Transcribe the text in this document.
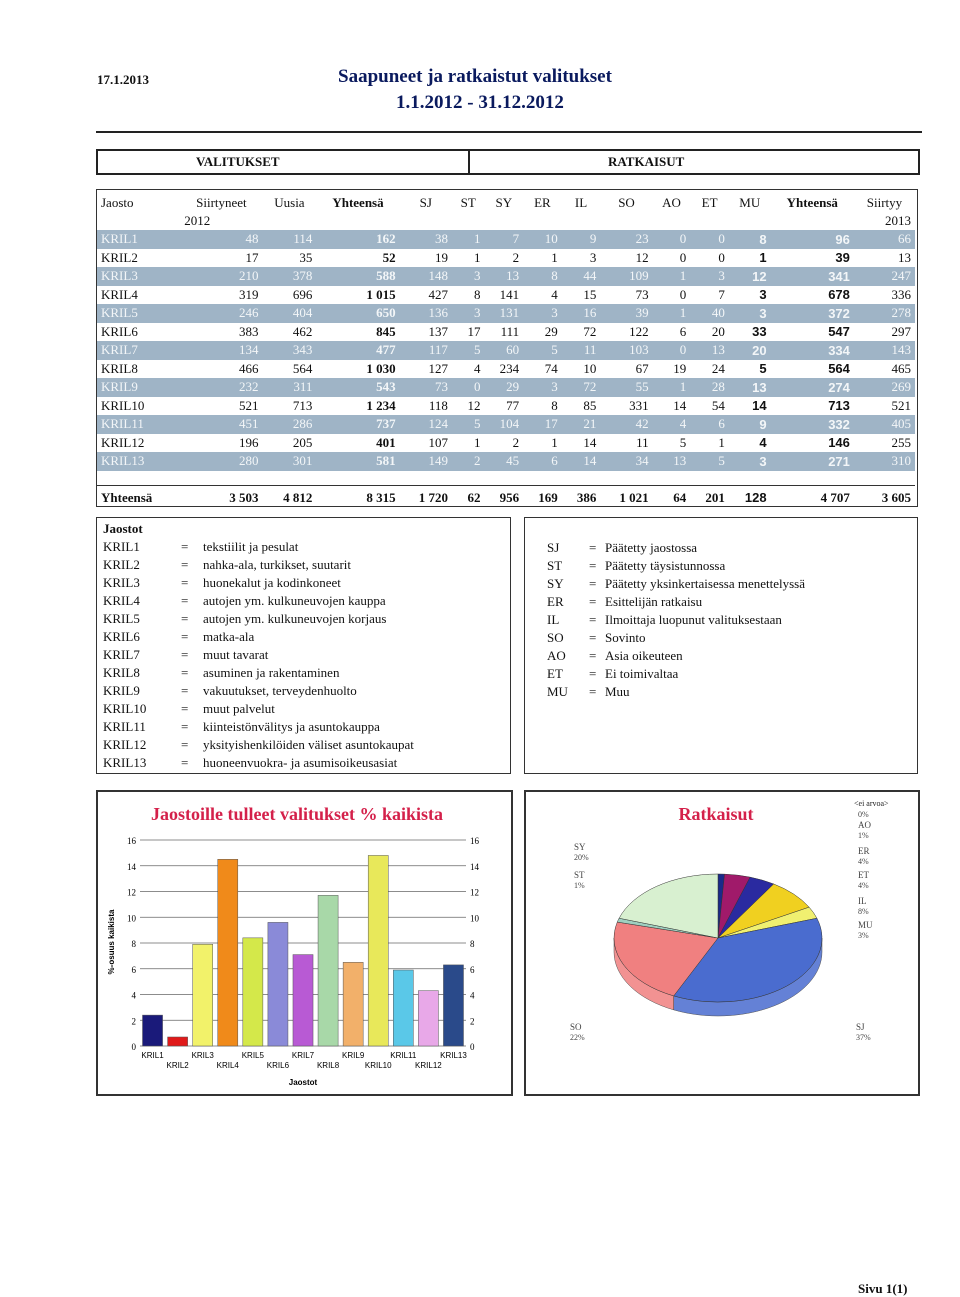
17.1.2013	Saapuneet ja ratkaistut valitukset
1.1.2012 - 31.12.2012
VALITUKSET	RATKAISUT
Jaosto	Siirtyneet	Uusia	Yhteensä	SJ	ST	SY	ER	IL	SO	AO	ET	MU	Yhteensä	Siirtyy
	2012													2013
KRIL1	48	114	162	38	1	7	10	9	23	0	0	8	96	66
KRIL2	17	35	52	19	1	2	1	3	12	0	0	1	39	13
KRIL3	210	378	588	148	3	13	8	44	109	1	3	12	341	247
KRIL4	319	696	1 015	427	8	141	4	15	73	0	7	3	678	336
KRIL5	246	404	650	136	3	131	3	16	39	1	40	3	372	278
KRIL6	383	462	845	137	17	111	29	72	122	6	20	33	547	297
KRIL7	134	343	477	117	5	60	5	11	103	0	13	20	334	143
KRIL8	466	564	1 030	127	4	234	74	10	67	19	24	5	564	465
KRIL9	232	311	543	73	0	29	3	72	55	1	28	13	274	269
KRIL10	521	713	1 234	118	12	77	8	85	331	14	54	14	713	521
KRIL11	451	286	737	124	5	104	17	21	42	4	6	9	332	405
KRIL12	196	205	401	107	1	2	1	14	11	5	1	4	146	255
KRIL13	280	301	581	149	2	45	6	14	34	13	5	3	271	310

Yhteensä	3 503	4 812	8 315	1 720	62	956	169	386	1 021	64	201	128	4 707	3 605
Jaostot
KRIL1	= tekstiilit ja pesulat
KRIL2	= nahka-ala, turkikset, suutarit
KRIL3	= huonekalut ja kodinkoneet
KRIL4	= autojen ym. kulkuneuvojen kauppa
KRIL5	= autojen ym. kulkuneuvojen korjaus
KRIL6	= matka-ala
KRIL7	= muut tavarat
KRIL8	= asuminen ja rakentaminen
KRIL9	= vakuutukset, terveydenhuolto
KRIL10	= muut palvelut
KRIL11	= kiinteistönvälitys ja asuntokauppa
KRIL12	= yksityishenkilöiden väliset asuntokaupat
KRIL13	= huoneenvuokra- ja asumisoikeusasiat
SJ = Päätetty jaostossa
ST = Päätetty täysistunnossa
SY = Päätetty yksinkertaisessa menettelyssä
ER = Esittelijän ratkaisu
IL = Ilmoittaja luopunut valituksestaan
SO = Sovinto
AO = Asia oikeuteen
ET = Ei toimivaltaa
MU = Muu
Jaostoille tulleet valitukset % kaikista
0	0
2	2
4	4
6	6
8	8
10	10
12	12
14	14
16	16
KRIL1
KRIL2
KRIL3
KRIL4
KRIL5
KRIL6
KRIL7
KRIL8
KRIL9
KRIL10
KRIL11
KRIL12
KRIL13
Jaostot
%-osuus kaikista
Ratkaisut
SJ
37%
SO
22%
ST
1%
SY
20%
AO
1%
ER
4%
ET
4%
IL
8%
MU
3%
<ei arvoa>
0%
Sivu 1(1)
